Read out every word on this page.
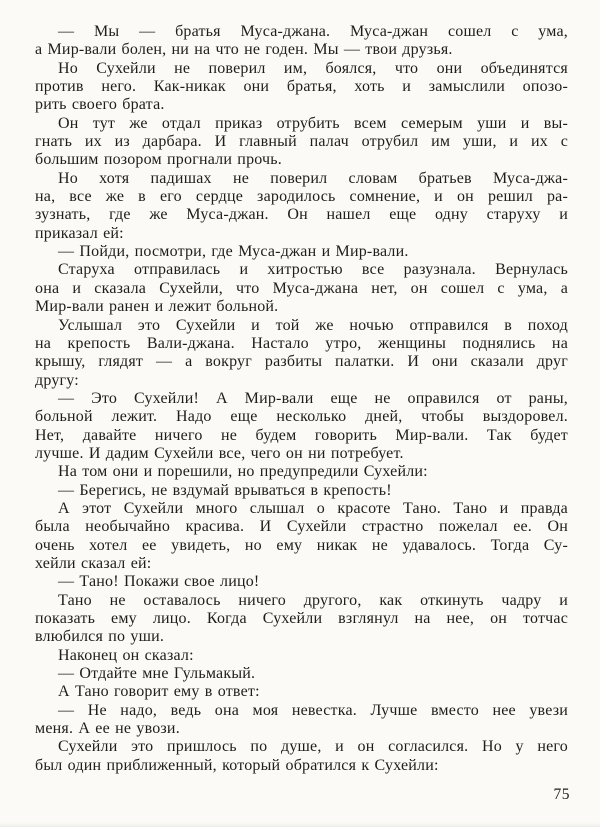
— Мы — братья Муса-джана. Муса-джан сошел с ума,
а Мир-вали болен, ни на что не годен. Мы — твои друзья.
Но Сухейли не поверил им, боялся, что они объединятся
против него. Как-никак они братья, хоть и замыслили опозо-
рить своего брата.
Он тут же отдал приказ отрубить всем семерым уши и вы-
гнать их из дарбара. И главный палач отрубил им уши, и их с
большим позором прогнали прочь.
Но хотя падишах не поверил словам братьев Муса-джа-
на, все же в его сердце зародилось сомнение, и он решил ра-
зузнать, где же Муса-джан. Он нашел еще одну старуху и
приказал ей:
— Пойди, посмотри, где Муса-джан и Мир-вали.
Старуха отправилась и хитростью все разузнала. Вернулась
она и сказала Сухейли, что Муса-джана нет, он сошел с ума, а
Мир-вали ранен и лежит больной.
Услышал это Сухейли и той же ночью отправился в поход
на крепость Вали-джана. Настало утро, женщины поднялись на
крышу, глядят — а вокруг разбиты палатки. И они сказали друг
другу:
— Это Сухейли! А Мир-вали еще не оправился от раны,
больной лежит. Надо еще несколько дней, чтобы выздоровел.
Нет, давайте ничего не будем говорить Мир-вали. Так будет
лучше. И дадим Сухейли все, чего он ни потребует.
На том они и порешили, но предупредили Сухейли:
— Берегись, не вздумай врываться в крепость!
А этот Сухейли много слышал о красоте Тано. Тано и правда
была необычайно красива. И Сухейли страстно пожелал ее. Он
очень хотел ее увидеть, но ему никак не удавалось. Тогда Су-
хейли сказал ей:
— Тано! Покажи свое лицо!
Тано не оставалось ничего другого, как откинуть чадру и
показать ему лицо. Когда Сухейли взглянул на нее, он тотчас
влюбился по уши.
Наконец он сказал:
— Отдайте мне Гульмакый.
А Тано говорит ему в ответ:
— Не надо, ведь она моя невестка. Лучше вместо нее увези
меня. А ее не увози.
Сухейли это пришлось по душе, и он согласился. Но у него
был один приближенный, который обратился к Сухейли:
75
